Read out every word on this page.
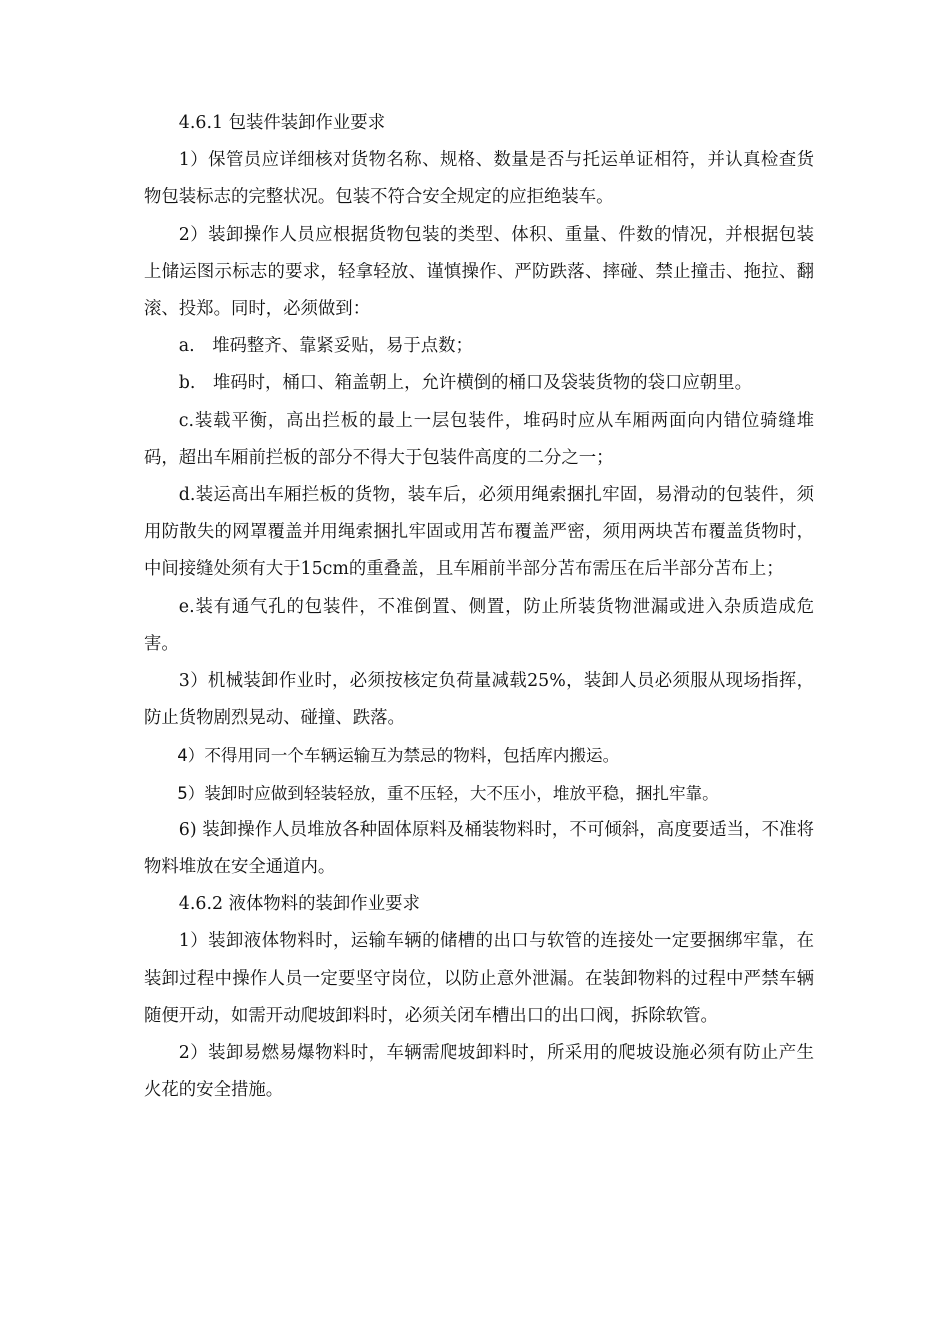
4.6.1 包装件装卸作业要求

1）保管员应详细核对货物名称、规格、数量是否与托运单证相符，并认真检查货物包装标志的完整状况。包装不符合安全规定的应拒绝装车。

2）装卸操作人员应根据货物包装的类型、体积、重量、件数的情况，并根据包装上储运图示标志的要求，轻拿轻放、谨慎操作、严防跌落、摔碰、禁止撞击、拖拉、翻滚、投郑。同时，必须做到：

a.　堆码整齐、靠紧妥贴，易于点数；

b.　堆码时，桶口、箱盖朝上，允许横倒的桶口及袋装货物的袋口应朝里。

c.装载平衡，高出拦板的最上一层包装件，堆码时应从车厢两面向内错位骑缝堆码，超出车厢前拦板的部分不得大于包装件高度的二分之一；

d.装运高出车厢拦板的货物，装车后，必须用绳索捆扎牢固，易滑动的包装件，须用防散失的网罩覆盖并用绳索捆扎牢固或用苫布覆盖严密，须用两块苫布覆盖货物时，中间接缝处须有大于15cm的重叠盖，且车厢前半部分苫布需压在后半部分苫布上；

e.装有通气孔的包装件，不准倒置、侧置，防止所装货物泄漏或进入杂质造成危害。

3）机械装卸作业时，必须按核定负荷量减载25%，装卸人员必须服从现场指挥，防止货物剧烈晃动、碰撞、跌落。

4）不得用同一个车辆运输互为禁忌的物料，包括库内搬运。

5）装卸时应做到轻装轻放，重不压轻，大不压小，堆放平稳，捆扎牢靠。

6) 装卸操作人员堆放各种固体原料及桶装物料时，不可倾斜，高度要适当，不准将物料堆放在安全通道内。

4.6.2 液体物料的装卸作业要求

1）装卸液体物料时，运输车辆的储槽的出口与软管的连接处一定要捆绑牢靠，在装卸过程中操作人员一定要坚守岗位，以防止意外泄漏。在装卸物料的过程中严禁车辆随便开动，如需开动爬坡卸料时，必须关闭车槽出口的出口阀，拆除软管。

2）装卸易燃易爆物料时，车辆需爬坡卸料时，所采用的爬坡设施必须有防止产生火花的安全措施。
